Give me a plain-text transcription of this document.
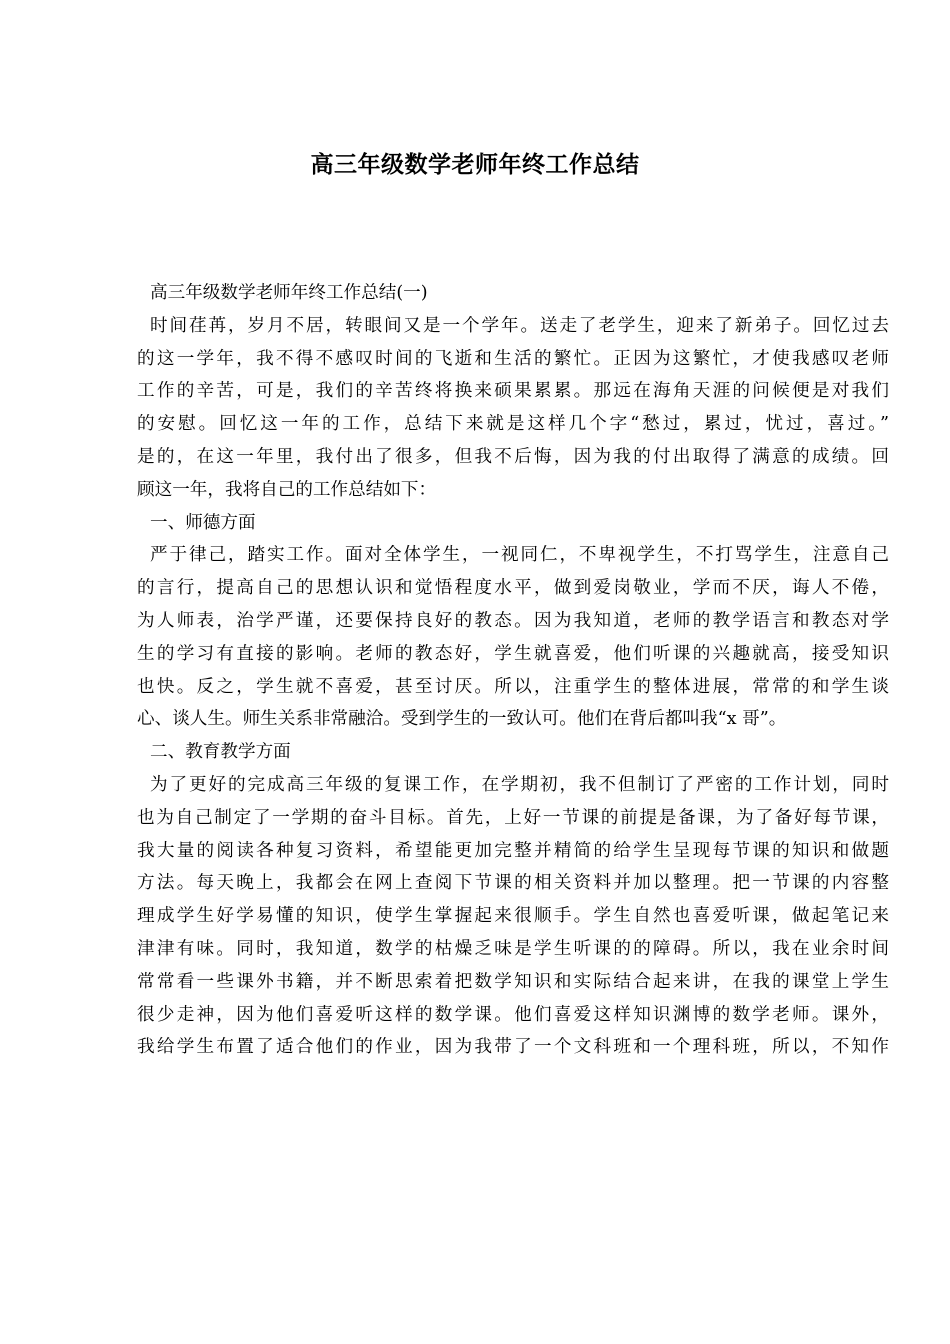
高三年级数学老师年终工作总结
高三年级数学老师年终工作总结(一)
时间荏苒，岁月不居，转眼间又是一个学年。送走了老学生，迎来了新弟子。回忆过去
的这一学年，我不得不感叹时间的飞逝和生活的繁忙。正因为这繁忙，才使我感叹老师
工作的辛苦，可是，我们的辛苦终将换来硕果累累。那远在海角天涯的问候便是对我们
的安慰。回忆这一年的工作，总结下来就是这样几个字“愁过，累过，忧过，喜过。”
是的，在这一年里，我付出了很多，但我不后悔，因为我的付出取得了满意的成绩。回
顾这一年，我将自己的工作总结如下：
一、师德方面
严于律己，踏实工作。面对全体学生，一视同仁，不卑视学生，不打骂学生，注意自己
的言行，提高自己的思想认识和觉悟程度水平，做到爱岗敬业，学而不厌，诲人不倦，
为人师表，治学严谨，还要保持良好的教态。因为我知道，老师的教学语言和教态对学
生的学习有直接的影响。老师的教态好，学生就喜爱，他们听课的兴趣就高，接受知识
也快。反之，学生就不喜爱，甚至讨厌。所以，注重学生的整体进展，常常的和学生谈
心、谈人生。师生关系非常融洽。受到学生的一致认可。他们在背后都叫我“x 哥”。
二、教育教学方面
为了更好的完成高三年级的复课工作，在学期初，我不但制订了严密的工作计划，同时
也为自己制定了一学期的奋斗目标。首先，上好一节课的前提是备课，为了备好每节课，
我大量的阅读各种复习资料，希望能更加完整并精简的给学生呈现每节课的知识和做题
方法。每天晚上，我都会在网上查阅下节课的相关资料并加以整理。把一节课的内容整
理成学生好学易懂的知识，使学生掌握起来很顺手。学生自然也喜爱听课，做起笔记来
津津有味。同时，我知道，数学的枯燥乏味是学生听课的的障碍。所以，我在业余时间
常常看一些课外书籍，并不断思索着把数学知识和实际结合起来讲，在我的课堂上学生
很少走神，因为他们喜爱听这样的数学课。他们喜爱这样知识渊博的数学老师。课外，
我给学生布置了适合他们的作业，因为我带了一个文科班和一个理科班，所以，不知作
